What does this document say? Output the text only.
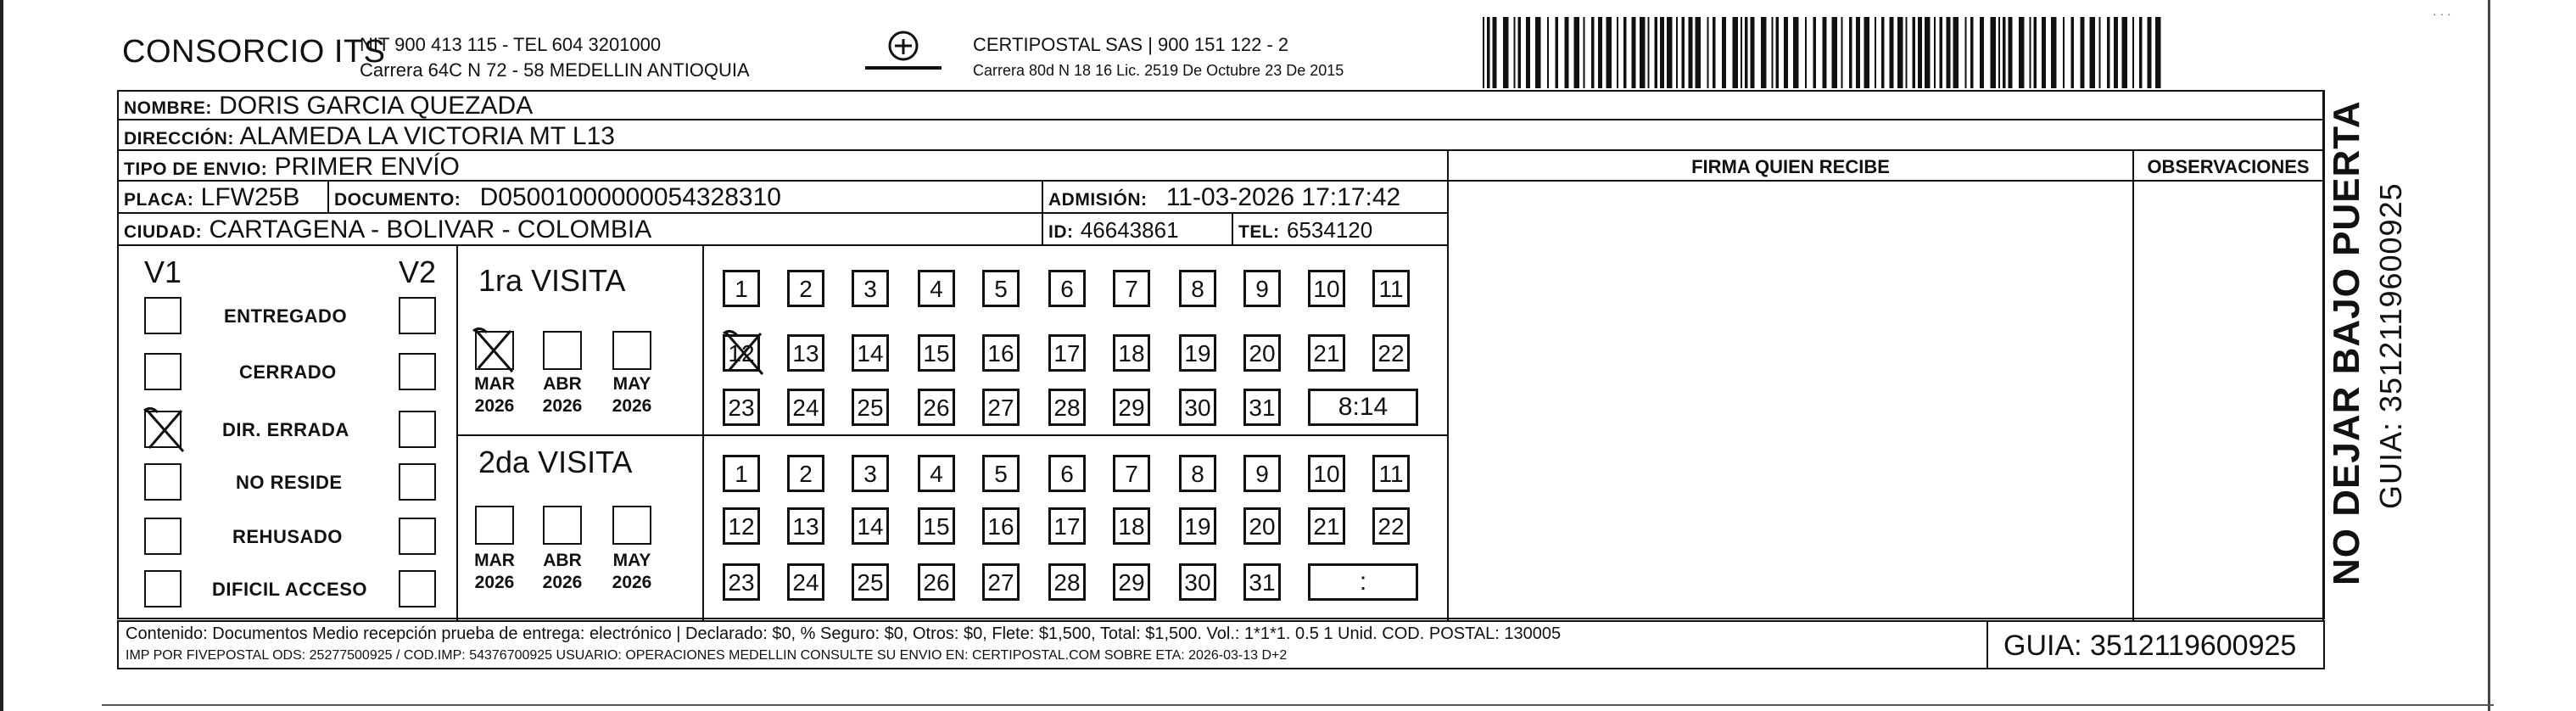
· · ·
CONSORCIO ITS
NIT 900 413 115 - TEL 604 3201000
Carrera 64C N 72 - 58 MEDELLIN ANTIOQUIA
CERTIPOSTAL SAS | 900 151 122 - 2
Carrera 80d N 18 16 Lic. 2519 De Octubre 23 De 2015
NOMBRE: DORIS GARCIA QUEZADA
DIRECCIÓN: ALAMEDA LA VICTORIA MT L13
TIPO DE ENVIO: PRIMER ENVÍO
PLACA: LFW25B DOCUMENTO: D05001000000054328310	ADMISIÓN: 11-03-2026 17:17:42
CIUDAD: CARTAGENA - BOLIVAR - COLOMBIA	ID: 46643861	TEL: 6534120
FIRMA QUIEN RECIBE	OBSERVACIONES
V1	V2
ENTREGADO
CERRADO
DIR. ERRADA
NO RESIDE
REHUSADO
DIFICIL ACCESO
1ra VISITA
2da VISITA
MAR
2026
ABR
2026
MAY
2026
MAR
2026
ABR
2026
MAY
2026
1	2	3	4	5	6	7	8	9	10 11
12 13 14 15 16 17 18 19 20 21 22
23 24 25 26 27 28 29 30 31	8:14
1	2	3	4	5	6	7	8	9	10 11
12 13 14 15 16 17 18 19 20 21 22
23 24 25 26 27 28 29 30 31	:
Contenido: Documentos Medio recepción prueba de entrega: electrónico | Declarado: $0, % Seguro: $0, Otros: $0, Flete: $1,500, Total: $1,500. Vol.: 1*1*1. 0.5 1 Unid. COD. POSTAL: 130005
IMP POR FIVEPOSTAL ODS: 25277500925 / COD.IMP: 54376700925 USUARIO: OPERACIONES MEDELLIN CONSULTE SU ENVIO EN: CERTIPOSTAL.COM SOBRE ETA: 2026-03-13 D+2	GUIA: 3512119600925
NO DEJAR BAJO PUERTA GUIA: 3512119600925
